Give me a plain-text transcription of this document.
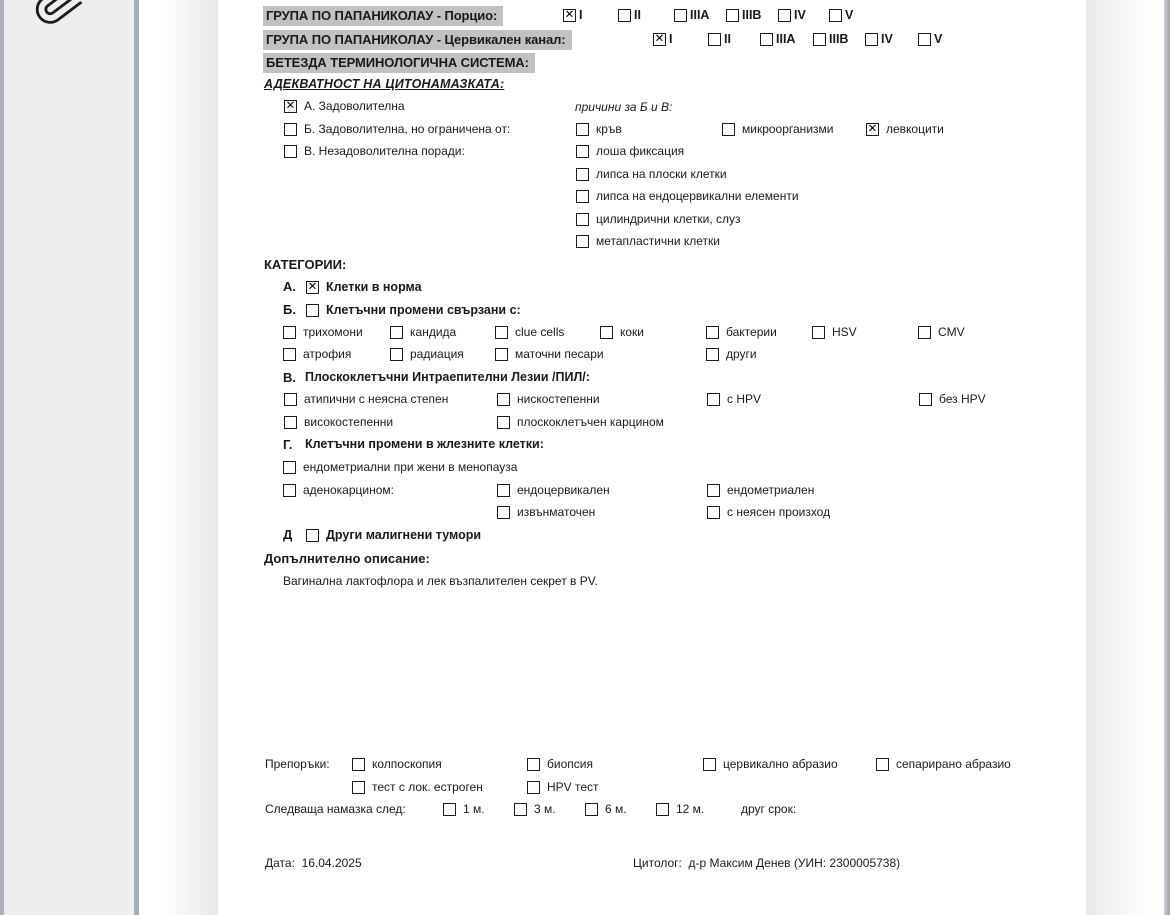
ГРУПА ПО ПАПАНИКОЛАУ - Порцио: ✕	I	II	IIIA	IIIB	IV	V
ГРУПА ПО ПАПАНИКОЛАУ - Цервикален канал: ✕	I	II	IIIA	IIIB	IV	V
БЕТЕЗДА ТЕРМИНОЛОГИЧНА СИСТЕМА:
АДЕКВАТНОСТ НА ЦИТОНАМАЗКАТА:
✕
А. Задоволителна	причини за Б и В:
Б. Задоволителна, но ограничена от:	кръв	микроорганизми ✕	левкоцити
В. Незадоволителна поради:	лоша фиксация
липса на плоски клетки
липса на ендоцервикални елементи
цилиндрични клетки, слуз
метапластични клетки
КАТЕГОРИИ:
А. ✕ Клетки в норма
Б. Клетъчни промени свързани с:
трихомони	кандида	clue cells	коки	бактерии	HSV	CMV
атрофия	радиация	маточни песари	други
В. Плоскоклетъчни Интраепителни Лезии /ПИЛ/:
атипични с неясна степен	нискостепенни	с HPV	без HPV
високостепенни	плоскоклетъчен карцином
Г. Клетъчни промени в жлезните клетки:
ендометриални при жени в менопауза
аденокарцином:	ендоцервикален	ендометриален
извънматочен	с неясен произход
Д	Други малигнени тумори
Допълнително описание:
Вагинална лактофлора и лек възпалителен секрет в PV.
Препоръки:	колпоскопия	биопсия	цервикално абразио	сепарирано абразио
тест с лок. естроген	HPV тест
Следваща намазка след:	1 м.	3 м.	6 м.	12 м.	друг срок:
Дата: 16.04.2025	Цитолог: д-р Максим Денев (УИН: 2300005738)
